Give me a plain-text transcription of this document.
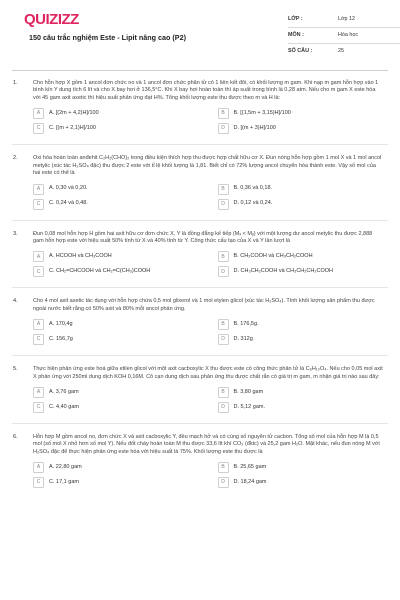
QUIZIZZ
150 câu trắc nghiệm Este - Lipit nâng cao (P2)
LỚP :	Lớp 12
MÔN :	Hóa học
SỐ CÂU :	25
1.	Cho hỗn hợp X gồm 1 ancol đơn chức no và 1 ancol đơn chức phân tử có 1 liên kết đôi, có khối lượng m gam. Khi nạp m gam hỗn hợp vào 1 bình kín Y dung tích 6 lít và cho X bay hơi ở 136,5°C. Khi X bay hơi hoàn toàn thì áp suất trong bình là 0,28 atm. Nếu cho m gam X este hóa với 45 gam axit axetic thì hiệu suất phản ứng đạt H%. Tổng khối lượng este thu được theo m và H là:
A	A. [(2m + 4,2)H]/100	B	B. [(1,5m + 3,15)H]/100
C	C. [(m + 2,1)H]/100	D	D. [(m + 3)H]/100
2.	Oxi hóa hoàn toàn anđehit C₂H₂(CHO)₂ trong điều kiện thích hợp thu được hợp chất hữu cơ X. Đun nóng hỗn hợp gồm 1 mol X và 1 mol ancol metylic (xúc tác H₂SO₄ đặc) thu được 2 este với tỉ lệ khối lượng là 1,81. Biết chỉ có 72% lượng ancol chuyển hóa thành este. Vậy số mol của hai este có thể là
A	A. 0,30 và 0,20.	B	B. 0,36 và 0,18.
C	C. 0,24 và 0,48.	D	D. 0,12 và 0,24.
3.	Đun 0,08 mol hỗn hợp H gồm hai axit hữu cơ đơn chức X, Y là đồng đẳng kế tiếp (Mₓ < Mᵧ) với một lượng dư ancol metylic thu được 2,888 gam hỗn hợp este với hiệu suất 50% tính từ X và 40% tính từ Y. Công thức cấu tạo của X và Y lần lượt là
A	A. HCOOH và CH₃COOH	B	B. CH₃COOH và CH₃CH₂COOH
C	C. CH₂=CHCOOH và CH₂=C(CH₃)COOH	D	D. CH₃CH₂COOH và CH₃CH₂CH₂COOH
4.	Cho 4 mol axit axetic tác dụng với hỗn hợp chứa 0,5 mol glixerol và 1 mol etylen glicol (xúc tác H₂SO₄). Tính khối lượng sản phẩm thu được ngoài nước biết rằng có 50% axit và 80% mỗi ancol phản ứng.
A	A. 170,4g	B	B. 176,5g.
C	C. 156,7g	D	D. 312g
5.	Thực hiện phản ứng este hoá giữa etilen glicol với một axit cacboxylic X thu được este có công thức phân tử là C₆H₁₀O₄. Nếu cho 0,05 mol axit X phản ứng với 250ml dung dịch KOH 0,16M. Cô cạn dung dịch sau phản ứng thu được chất rắn có giá trị m gam, m nhận giá trị nào sau đây:
A	A. 3,76 gam	B	B. 3,80 gam
C	C. 4,40 gam	D	D. 5,12 gam.
6.	Hỗn hợp M gồm ancol no, đơn chức X và axit cacboxylic Y, đều mạch hở và có cùng số nguyên tử cacbon. Tổng số mol của hỗn hợp M là 0,5 mol (số mol X nhỏ hơn số mol Y). Nếu đốt cháy hoàn toàn M thu được 33,6 lít khí CO₂ (đktc) và 25,2 gam H₂O. Mặt khác, nếu đun nóng M với H₂SO₄ đặc để thực hiện phản ứng este hóa với hiệu suất là 75%. Khối lượng este thu được là
A	A. 22,80 gam	B	B. 25,65 gam
C	C. 17,1 gam	D	D. 18,24 gam
